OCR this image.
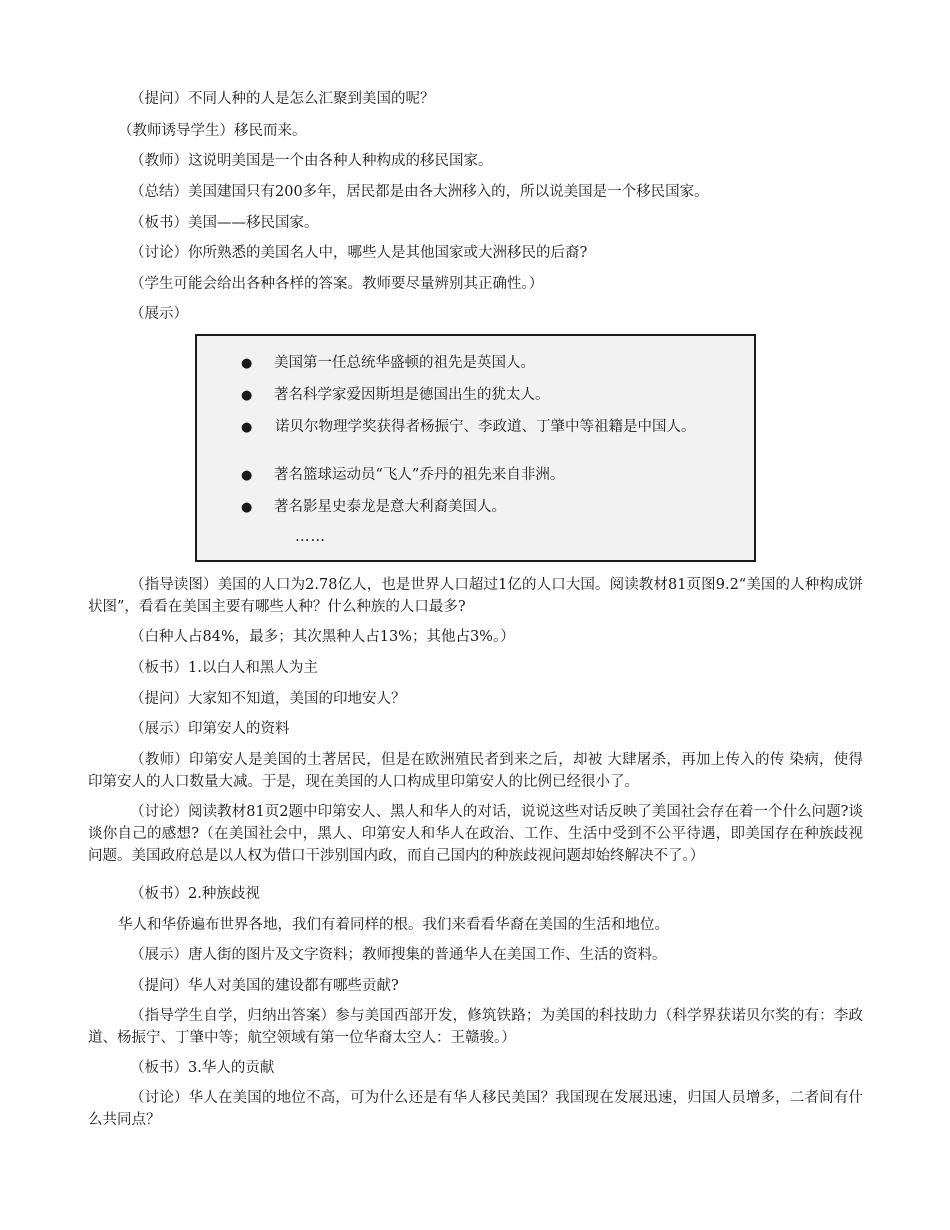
（提问）不同人种的人是怎么汇聚到美国的呢？

（教师诱导学生）移民而来。

（教师）这说明美国是一个由各种人种构成的移民国家。

（总结）美国建国只有200多年，居民都是由各大洲移入的，所以说美国是一个移民国家。

（板书）美国——移民国家。

（讨论）你所熟悉的美国名人中，哪些人是其他国家或大洲移民的后裔?

（学生可能会给出各种各样的答案。教师要尽量辨别其正确性。）

（展示）

● 美国第一任总统华盛顿的祖先是英国人。
● 著名科学家爱因斯坦是德国出生的犹太人。
●	诺贝尔物理学奖获得者杨振宁、李政道、丁肇中等祖籍是中国人。
● 著名篮球运动员“飞人”乔丹的祖先来自非洲。
● 著名影星史泰龙是意大利裔美国人。
……

（指导读图）美国的人口为2.78亿人，也是世界人口超过1亿的人口大国。阅读教材81页图9.2“美国的人种构成饼状图”，看看在美国主要有哪些人种？什么种族的人口最多?

（白种人占84%，最多；其次黑种人占13%；其他占3%。）

（板书）1.以白人和黑人为主

（提问）大家知不知道，美国的印地安人？

（展示）印第安人的资料

（教师）印第安人是美国的土著居民，但是在欧洲殖民者到来之后，却被 大肆屠杀，再加上传入的传 染病，使得印第安人的人口数量大减。于是，现在美国的人口构成里印第安人的比例已经很小了。

（讨论）阅读教材81页2题中印第安人、黑人和华人的对话，说说这些对话反映了美国社会存在着一个什么问题?谈谈你自己的感想?（在美国社会中，黑人、印第安人和华人在政治、工作、生活中受到不公平待遇，即美国存在种族歧视问题。美国政府总是以人权为借口干涉别国内政，而自己国内的种族歧视问题却始终解决不了。）

（板书）2.种族歧视

华人和华侨遍布世界各地，我们有着同样的根。我们来看看华裔在美国的生活和地位。

（展示）唐人街的图片及文字资料；教师搜集的普通华人在美国工作、生活的资料。

（提问）华人对美国的建设都有哪些贡献?

（指导学生自学，归纳出答案）参与美国西部开发，修筑铁路；为美国的科技助力（科学界获诺贝尔奖的有：李政道、杨振宁、丁肇中等；航空领域有第一位华裔太空人：王赣骏。）

（板书）3.华人的贡献

（讨论）华人在美国的地位不高，可为什么还是有华人移民美国？我国现在发展迅速，归国人员增多，二者间有什么共同点？
